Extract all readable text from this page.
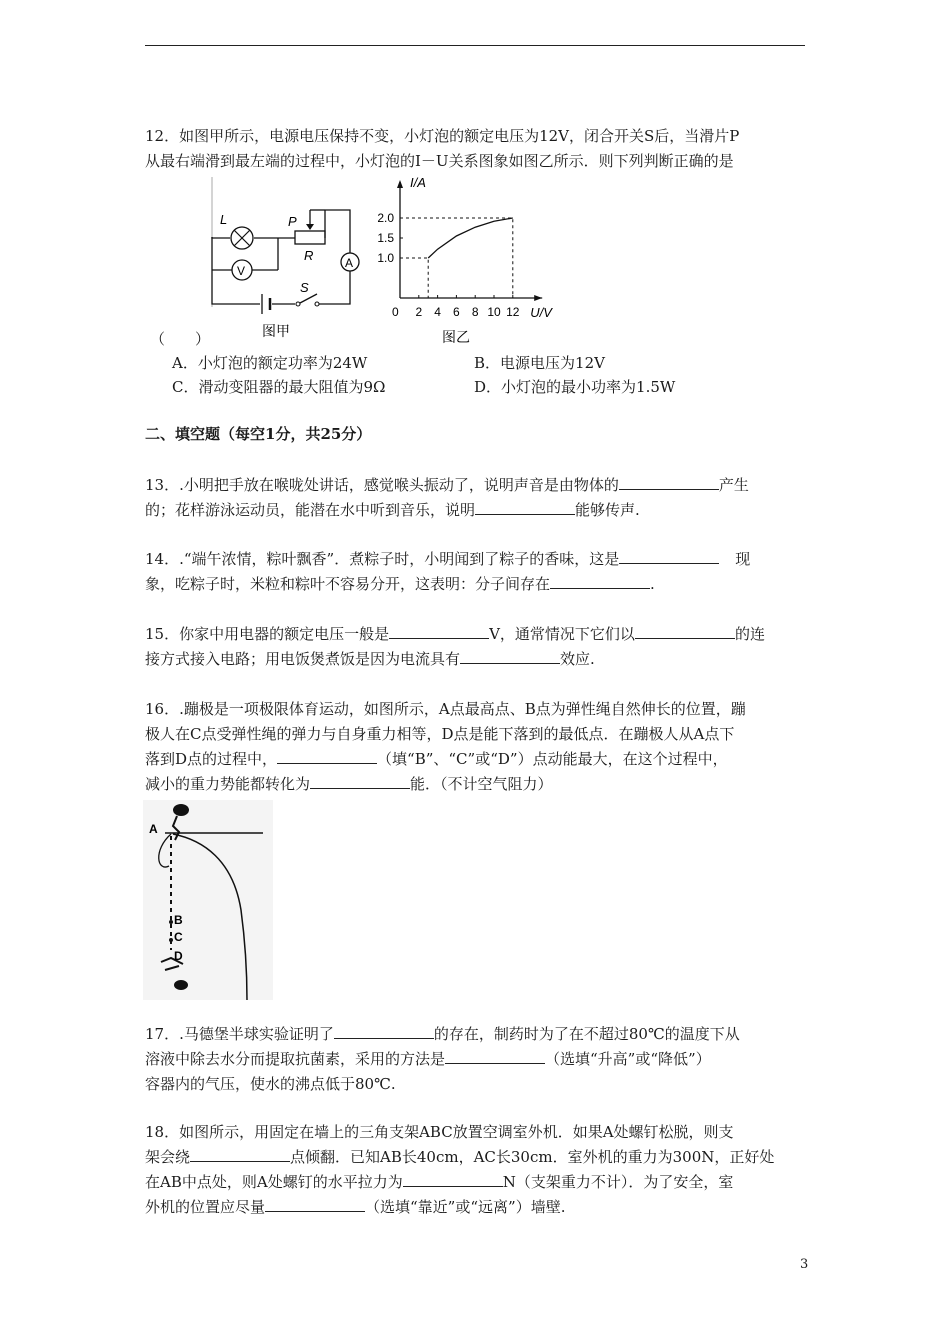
12．如图甲所示，电源电压保持不变，小灯泡的额定电压为12V，闭合开关S后，当滑片P
从最右端滑到最左端的过程中，小灯泡的I－U关系图象如图乙所示．则下列判断正确的是
（　　）
L
V
P
R	A
S
图甲
I/A
U/V
0 2 4 6 8 10 12
1.0
1.5
2.0
图乙
A．小灯泡的额定功率为24W	B．电源电压为12V
C．滑动变阻器的最大阻值为9Ω	D．小灯泡的最小功率为1.5W
二、填空题（每空1分，共25分）
13．.小明把手放在喉咙处讲话，感觉喉头振动了，说明声音是由物体的	产生
的；花样游泳运动员，能潜在水中听到音乐，说明	能够传声.
14．.“端午浓情，粽叶飘香”．煮粽子时，小明闻到了粽子的香味，这是	现
象，吃粽子时，米粒和粽叶不容易分开，这表明：分子间存在	.
15．你家中用电器的额定电压一般是	V，通常情况下它们以	的连
接方式接入电路；用电饭煲煮饭是因为电流具有	效应.
16．.蹦极是一项极限体育运动，如图所示，A点最高点、B点为弹性绳自然伸长的位置，蹦
极人在C点受弹性绳的弹力与自身重力相等，D点是能下落到的最低点．在蹦极人从A点下
落到D点的过程中，	（填“B”、“C”或“D”）点动能最大，在这个过程中，
减小的重力势能都转化为	能．（不计空气阻力）
A
B
C
D
17．.马德堡半球实验证明了	的存在，制药时为了在不超过80℃的温度下从
溶液中除去水分而提取抗菌素，采用的方法是	（选填“升高”或“降低”）
容器内的气压，使水的沸点低于80℃.
18．如图所示，用固定在墙上的三角支架ABC放置空调室外机．如果A处螺钉松脱，则支
架会绕	点倾翻．已知AB长40cm，AC长30cm．室外机的重力为300N，正好处
在AB中点处，则A处螺钉的水平拉力为	N（支架重力不计）．为了安全，室
外机的位置应尽量	（选填“靠近”或“远离”）墙壁.
3
